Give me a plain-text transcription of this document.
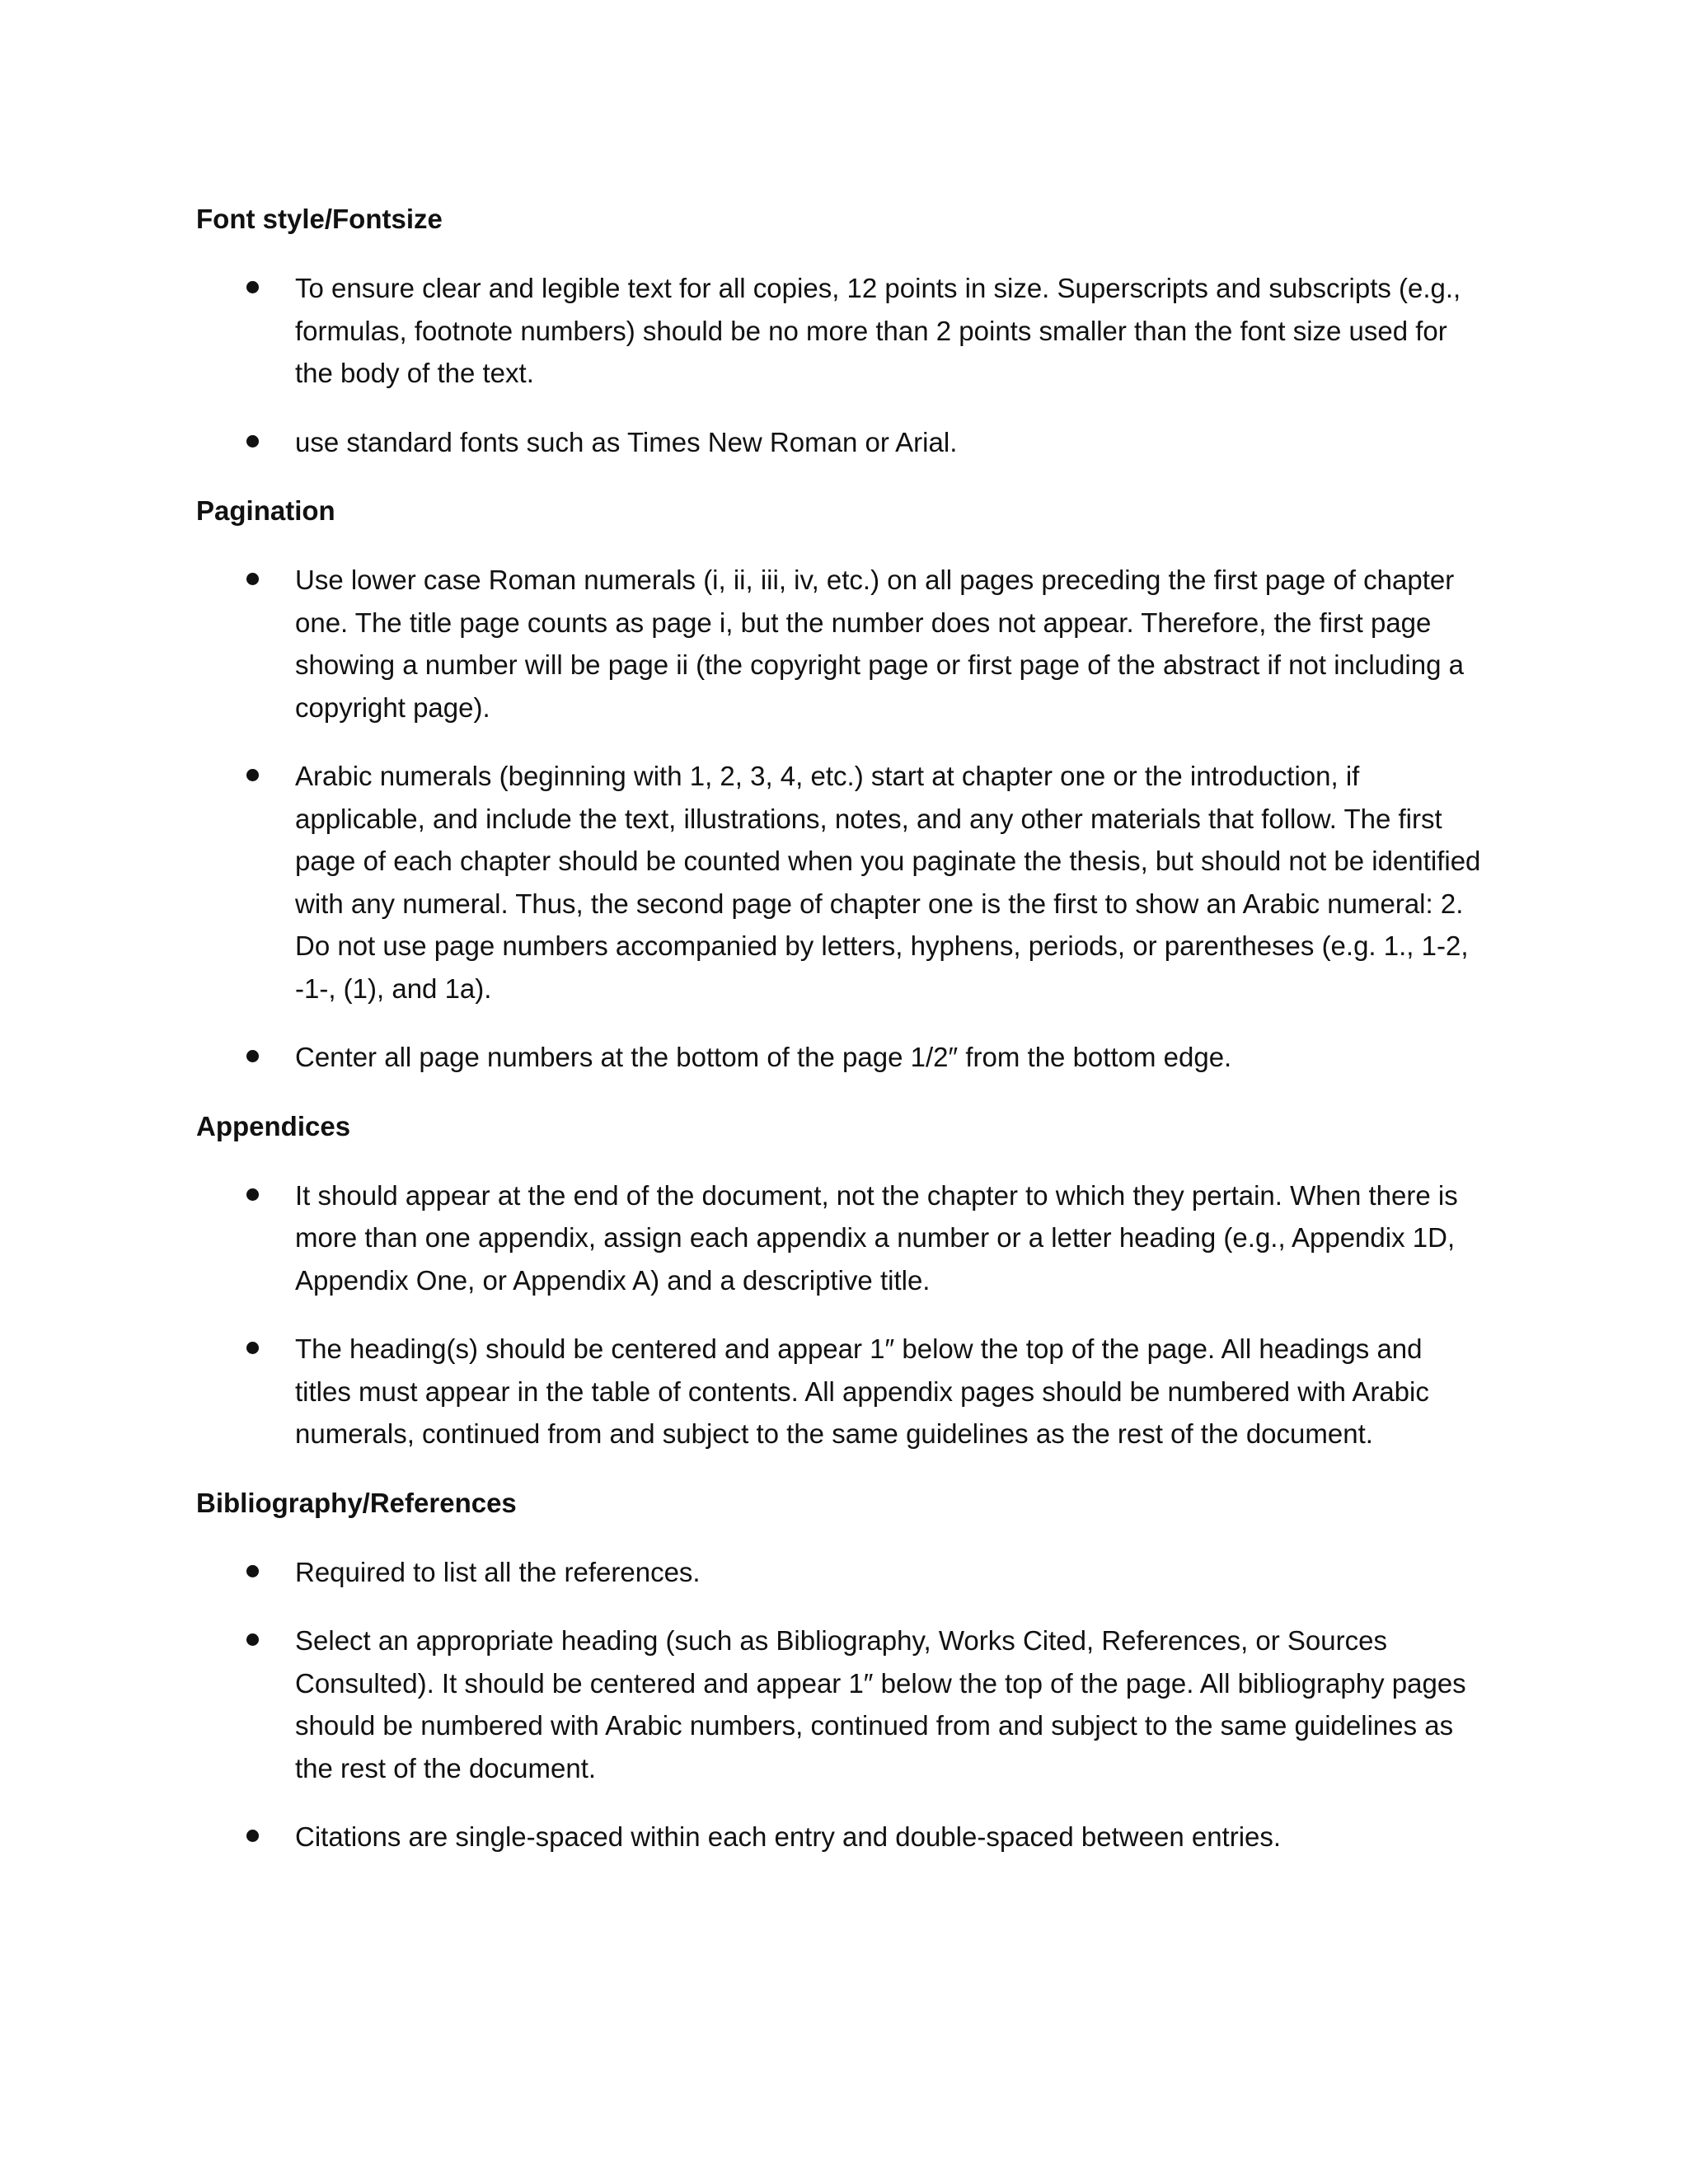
Font style/Fontsize
To ensure clear and legible text for all copies, 12 points in size. Superscripts and subscripts (e.g., formulas, footnote numbers) should be no more than 2 points smaller than the font size used for the body of the text.
use standard fonts such as Times New Roman or Arial.
Pagination
Use lower case Roman numerals (i, ii, iii, iv, etc.) on all pages preceding the first page of chapter one. The title page counts as page i, but the number does not appear. Therefore, the first page showing a number will be page ii (the copyright page or first page of the abstract if not including a copyright page).
Arabic numerals (beginning with 1, 2, 3, 4, etc.) start at chapter one or the introduction, if applicable, and include the text, illustrations, notes, and any other materials that follow. The first page of each chapter should be counted when you paginate the thesis, but should not be identified with any numeral. Thus, the second page of chapter one is the first to show an Arabic numeral: 2. Do not use page numbers accompanied by letters, hyphens, periods, or parentheses (e.g. 1., 1-2, -1-, (1), and 1a).
Center all page numbers at the bottom of the page 1/2″ from the bottom edge.
Appendices
It should appear at the end of the document, not the chapter to which they pertain. When there is more than one appendix, assign each appendix a number or a letter heading (e.g., Appendix 1D, Appendix One, or Appendix A) and a descriptive title.
The heading(s) should be centered and appear 1″ below the top of the page. All headings and titles must appear in the table of contents. All appendix pages should be numbered with Arabic numerals, continued from and subject to the same guidelines as the rest of the document.
Bibliography/References
Required to list all the references.
Select an appropriate heading (such as Bibliography, Works Cited, References, or Sources Consulted). It should be centered and appear 1″ below the top of the page. All bibliography pages should be numbered with Arabic numbers, continued from and subject to the same guidelines as the rest of the document.
Citations are single-spaced within each entry and double-spaced between entries.
